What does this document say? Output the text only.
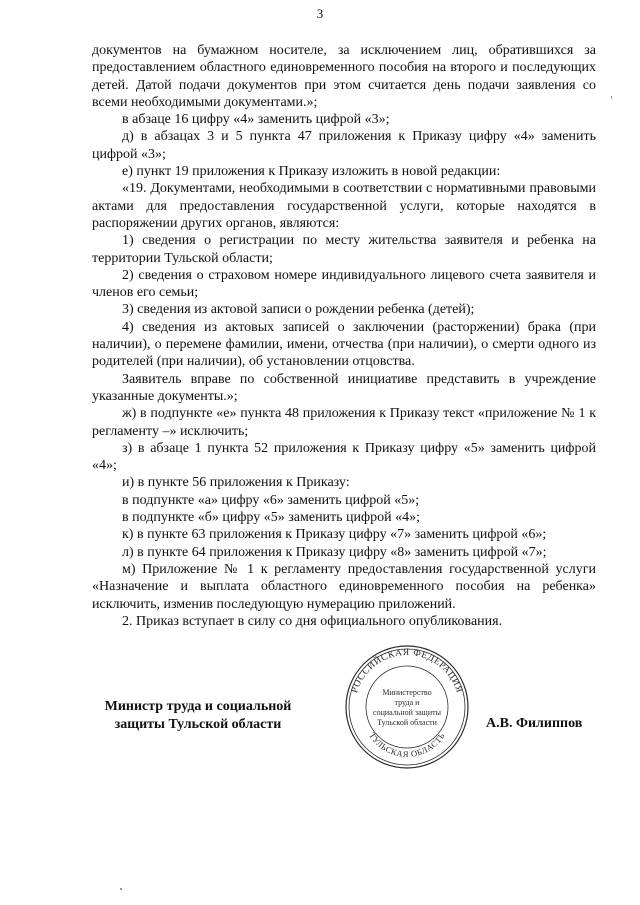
3

документов на бумажном носителе, за исключением лиц, обратившихся за предоставлением областного единовременного пособия на второго и последующих детей. Датой подачи документов при этом считается день подачи заявления со всеми необходимыми документами.»;

в абзаце 16 цифру «4» заменить цифрой «3»;

д) в абзацах 3 и 5 пункта 47 приложения к Приказу цифру «4» заменить цифрой «3»;

е) пункт 19 приложения к Приказу изложить в новой редакции:

«19. Документами, необходимыми в соответствии с нормативными правовыми актами для предоставления государственной услуги, которые находятся в распоряжении других органов, являются:

1) сведения о регистрации по месту жительства заявителя и ребенка на территории Тульской области;

2) сведения о страховом номере индивидуального лицевого счета заявителя и членов его семьи;

3) сведения из актовой записи о рождении ребенка (детей);

4) сведения из актовых записей о заключении (расторжении) брака (при наличии), о перемене фамилии, имени, отчества (при наличии), о смерти одного из родителей (при наличии), об установлении отцовства.

Заявитель вправе по собственной инициативе представить в учреждение указанные документы.»;

ж) в подпункте «е» пункта 48 приложения к Приказу текст «приложение № 1 к регламенту –» исключить;

з) в абзаце 1 пункта 52 приложения к Приказу цифру «5» заменить цифрой «4»;

и) в пункте 56 приложения к Приказу:

в подпункте «а» цифру «6» заменить цифрой «5»;

в подпункте «б» цифру «5» заменить цифрой «4»;

к) в пункте 63 приложения к Приказу цифру «7» заменить цифрой «6»;

л) в пункте 64 приложения к Приказу цифру «8» заменить цифрой «7»;

м) Приложение № 1 к регламенту предоставления государственной услуги «Назначение и выплата областного единовременного пособия на ребенка» исключить, изменив последующую нумерацию приложений.

2. Приказ вступает в силу со дня официального опубликования.

Министр труда и социальной
защиты Тульской области
РОССИЙСКАЯ ФЕДЕРАЦИЯ
ТУЛЬСКАЯ ОБЛАСТЬ
Министерство
труда и
социальной защиты
Тульской области	А.В. Филиппов
